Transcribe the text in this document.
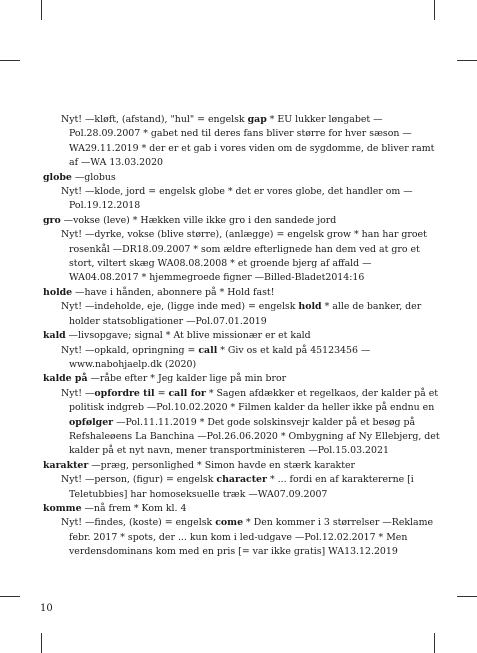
Nyt! —kløft, (afstand), "hul" = engelsk gap * EU lukker løngabet —Pol.28.09.2007 * gabet ned til deres fans bliver større for hver sæson —WA29.11.2019 * der er et gab i vores viden om de sygdomme, de bliver ramt af —WA 13.03.2020
globe —globus
Nyt! —klode, jord = engelsk globe * det er vores globe, det handler om —Pol.19.12.2018
gro —vokse (leve) * Hækken ville ikke gro i den sandede jord
Nyt! —dyrke, vokse (blive større), (anlægge) = engelsk grow * han har groet rosenkål —DR18.09.2007 * som ældre efterlignede han dem ved at gro et stort, viltert skæg WA08.08.2008 * et groende bjerg af affald —WA04.08.2017 * hjemmegroede figner —Billed-Bladet2014:16
holde —have i hånden, abonnere på * Hold fast!
Nyt! —indeholde, eje, (ligge inde med) = engelsk hold * alle de banker, der holder statsobligationer —Pol.07.01.2019
kald —livsopgave; signal * At blive missionær er et kald
Nyt! —opkald, opringning = call * Giv os et kald på 45123456 —www.nabohjaelp.dk (2020)
kalde på —råbe efter * Jeg kalder lige på min bror
Nyt! —opfordre til = call for * Sagen afdækker et regelkaos, der kalder på et politisk indgreb —Pol.10.02.2020 * Filmen kalder da heller ikke på endnu en opfølger —Pol.11.11.2019 * Det gode solskinsvejr kalder på et besøg på Refshaleøens La Banchina —Pol.26.06.2020 * Ombygning af Ny Ellebjerg, det kalder på et nyt navn, mener transportministeren —Pol.15.03.2021
karakter —præg, personlighed * Simon havde en stærk karakter
Nyt! —person, (figur) = engelsk character * ... fordi en af karaktererne [i Teletubbies] har homoseksuelle træk —WA07.09.2007
komme —nå frem * Kom kl. 4
Nyt! —findes, (koste) = engelsk come * Den kommer i 3 størrelser —Reklame febr. 2017 * spots, der ... kun kom i led-udgave —Pol.12.02.2017 * Men verdensdominans kom med en pris [= var ikke gratis] WA13.12.2019
10
